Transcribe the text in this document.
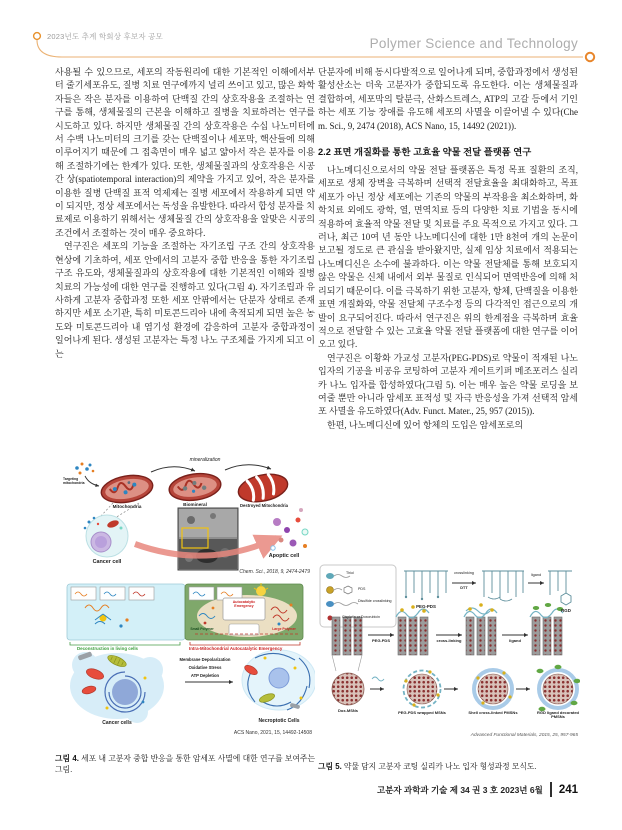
2023년도 추계 학회상 후보자 공모	Polymer Science and Technology

사용될 수 있으므로, 세포의 작동원리에 대한 기본적인 이해에서부터 줄기세포유도, 질병 치료 연구에까지 널리 쓰이고 있고, 많은 화학자들은 작은 분자를 이용하여 단백질 간의 상호작용을 조절하는 연구를 통해, 생체물질의 근본을 이해하고 질병을 치료하려는 연구를 시도하고 있다. 하지만 생체물질 간의 상호작용은 수십 나노미터에서 수백 나노미터의 크기를 갖는 단백질이나 세포막, 핵산들에 의해 이루어지기 때문에 그 접촉면이 매우 넓고 얇아서 작은 분자를 이용해 조절하기에는 한계가 있다. 또한, 생체물질과의 상호작용은 시공간 상(spatiotemporal interaction)의 제약을 가지고 있어, 작은 분자를 이용한 질병 단백질 표적 억제제는 질병 세포에서 작용하게 되면 약이 되지만, 정상 세포에서는 독성을 유발한다. 따라서 합성 분자를 치료제로 이용하기 위해서는 생체물질 간의 상호작용을 알맞은 시공의 조건에서 조절하는 것이 매우 중요하다.

연구진은 세포의 기능을 조절하는 자기조립 구조 간의 상호작용 현상에 기초하여, 세포 안에서의 고분자 중합 반응을 통한 자기조립 구조 유도와, 생체물질과의 상호작용에 대한 기본적인 이해와 질병 치료의 가능성에 대한 연구를 진행하고 있다(그림 4). 자기조립과 유사하게 고분자 중합과정 또한 세포 안팎에서는 단분자 상태로 존재하지만 세포 소기관, 특히 미토콘드리아 내에 축적되게 되면 높은 농도와 미토콘드리아 내 염기성 환경에 감응하여 고분자 중합과정이 일어나게 된다. 생성된 고분자는 특정 나노 구조체를 가지게 되고 이는

단분자에 비해 동시다발적으로 일어나게 되며, 중합과정에서 생성된 활성산소는 더욱 고분자가 중합되도록 유도한다. 이는 생체물질과 결합하여, 세포막의 탈분극, 산화스트레스, ATP의 고갈 등에서 기인하는 세포 기능 장애를 유도해 세포의 사멸을 이끌어낼 수 있다(Chem. Sci., 9, 2474 (2018), ACS Nano, 15, 14492 (2021)).

2.2 표면 개질화를 통한 고효율 약물 전달 플랫폼 연구

나노메디신으로서의 약물 전달 플랫폼은 특정 목표 질환의 조직, 세포로 생체 장벽을 극복하며 선택적 전달효율을 최대화하고, 목표 세포가 아닌 정상 세포에는 기존의 약물의 부작용을 최소화하며, 화학치료 외에도 광학, 열, 면역치료 등의 다양한 치료 기법을 동시에 적용하여 효율적 약물 전달 및 치료를 주요 목적으로 가지고 있다. 그러나, 최근 10여 년 동안 나노메디신에 대한 1만 8천여 개의 논문이 보고될 정도로 큰 관심을 받아왔지만, 실제 임상 치료에서 적용되는 나노메디신은 소수에 불과하다. 이는 약물 전달체를 통해 보호되지 않은 약물은 신체 내에서 외부 물질로 인식되어 면역반응에 의해 처리되기 때문이다. 이를 극복하기 위한 고분자, 항체, 단백질을 이용한 표면 개질화와, 약물 전달체 구조수정 등의 다각적인 접근으로의 개발이 요구되어진다. 따라서 연구진은 위의 한계점을 극복하며 효율적으로 전달할 수 있는 고효율 약물 전달 플랫폼에 대한 연구를 이어오고 있다.

연구진은 이황화 가교성 고분자(PEG-PDS)로 약물이 적재된 나노 입자의 기공을 비공유 코팅하여 고분자 게이트키퍼 메조포러스 실리카 나노 입자를 합성하였다(그림 5). 이는 매우 높은 약물 로딩을 보여줄 뿐만 아니라 암세포 표적성 및 자극 반응성을 가져 선택적 암세포 사멸을 유도하였다(Adv. Funct. Mater., 25, 957 (2015)).

한편, 나노메디신에 있어 항체의 도입은 암세포로의

mineralization
Targeting mitochondria
Mitochondria	Biomineral	Destroyed Mitochondria
Cancer cell
Apoptic cell
Chem. Sci., 2018, 9, 2474-2479
Autocatalytic Emergency
Small Polymer	Large Polymer
Deconstruction in living cells	Intra-Mitochondrial Autocatalytic Emergency
Membrane Depolarization
Oxidative Stress
ATP Depletion
Cancer cells	Necroptotic Cells
ACS Nano, 2021, 15, 14492-14508

그림 4. 세포 내 고분자 중합 반응을 통한 암세포 사멸에 대한 연구를 보여주는 그림.

Thiol
PDS
Disulfide crosslinking
Cisplatin or Doxorubicin
crosslinking
DTT
ligand
PEG-PDS
RGD
PEG-PDS	cross-linking	ligand
Dox-MSNs	PEG-PDS wrapped MSNs	Shell cross-linked PMSNs	RGD ligand decorated PMSNs
Advanced Functional Materials, 2015, 25, 957-965

그림 5. 약물 담지 고분자 코팅 실리카 나노 입자 형성과정 모식도.

고분자 과학과 기술 제 34 권 3 호 2023년 6월 241
